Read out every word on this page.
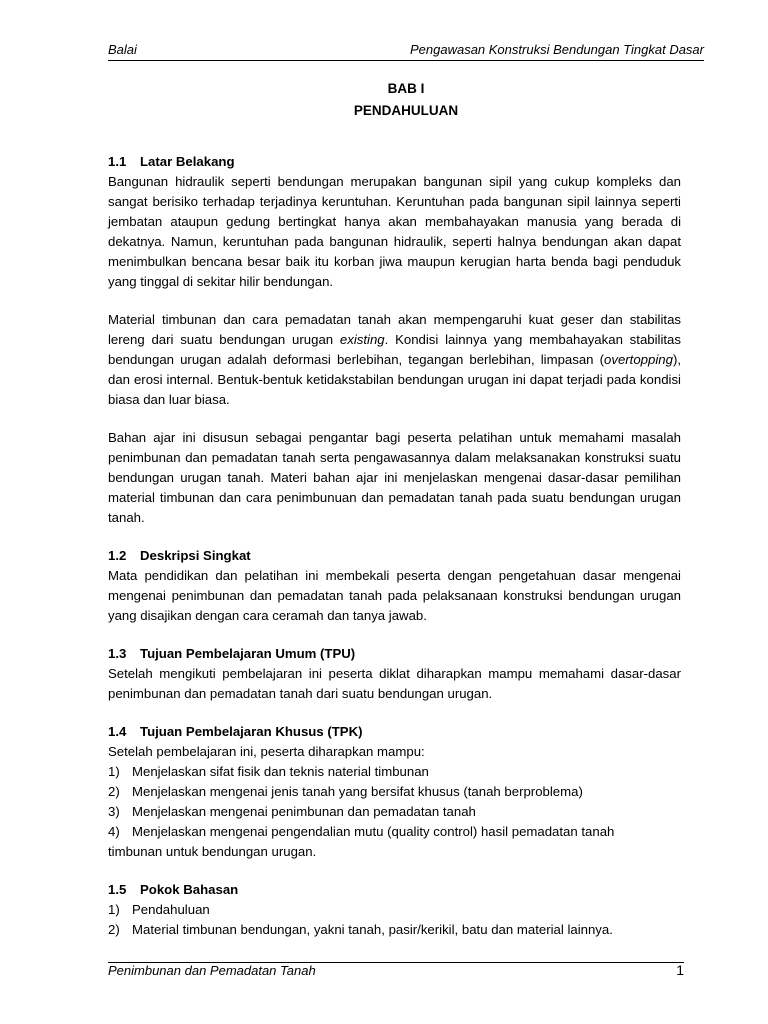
Balai	Pengawasan Konstruksi Bendungan Tingkat Dasar
BAB I
PENDAHULUAN
1.1 Latar Belakang

Bangunan hidraulik seperti bendungan merupakan bangunan sipil yang cukup kompleks dan sangat berisiko terhadap terjadinya keruntuhan. Keruntuhan pada bangunan sipil lainnya seperti jembatan ataupun gedung bertingkat hanya akan membahayakan manusia yang berada di dekatnya. Namun, keruntuhan pada bangunan hidraulik, seperti halnya bendungan akan dapat menimbulkan bencana besar baik itu korban jiwa maupun kerugian harta benda bagi penduduk yang tinggal di sekitar hilir bendungan.

Material timbunan dan cara pemadatan tanah akan mempengaruhi kuat geser dan stabilitas lereng dari suatu bendungan urugan existing. Kondisi lainnya yang membahayakan stabilitas bendungan urugan adalah deformasi berlebihan, tegangan berlebihan, limpasan (overtopping), dan erosi internal. Bentuk-bentuk ketidakstabilan bendungan urugan ini dapat terjadi pada kondisi biasa dan luar biasa.

Bahan ajar ini disusun sebagai pengantar bagi peserta pelatihan untuk memahami masalah penimbunan dan pemadatan tanah serta pengawasannya dalam melaksanakan konstruksi suatu bendungan urugan tanah. Materi bahan ajar ini menjelaskan mengenai dasar-dasar pemilihan material timbunan dan cara penimbunuan dan pemadatan tanah pada suatu bendungan urugan tanah.

1.2 Deskripsi Singkat

Mata pendidikan dan pelatihan ini membekali peserta dengan pengetahuan dasar mengenai mengenai penimbunan dan pemadatan tanah pada pelaksanaan konstruksi bendungan urugan yang disajikan dengan cara ceramah dan tanya jawab.

1.3 Tujuan Pembelajaran Umum (TPU)

Setelah mengikuti pembelajaran ini peserta diklat diharapkan mampu memahami dasar-dasar penimbunan dan pemadatan tanah dari suatu bendungan urugan.

1.4 Tujuan Pembelajaran Khusus (TPK)

Setelah pembelajaran ini, peserta diharapkan mampu:

1) Menjelaskan sifat fisik dan teknis naterial timbunan
2) Menjelaskan mengenai jenis tanah yang bersifat khusus (tanah berproblema)
3) Menjelaskan mengenai penimbunan dan pemadatan tanah
4) Menjelaskan mengenai pengendalian mutu (quality control) hasil pemadatan tanah
timbunan untuk bendungan urugan.
1.5 Pokok Bahasan
1) Pendahuluan
2) Material timbunan bendungan, yakni tanah, pasir/kerikil, batu dan material lainnya.
Penimbunan dan Pemadatan Tanah	1
